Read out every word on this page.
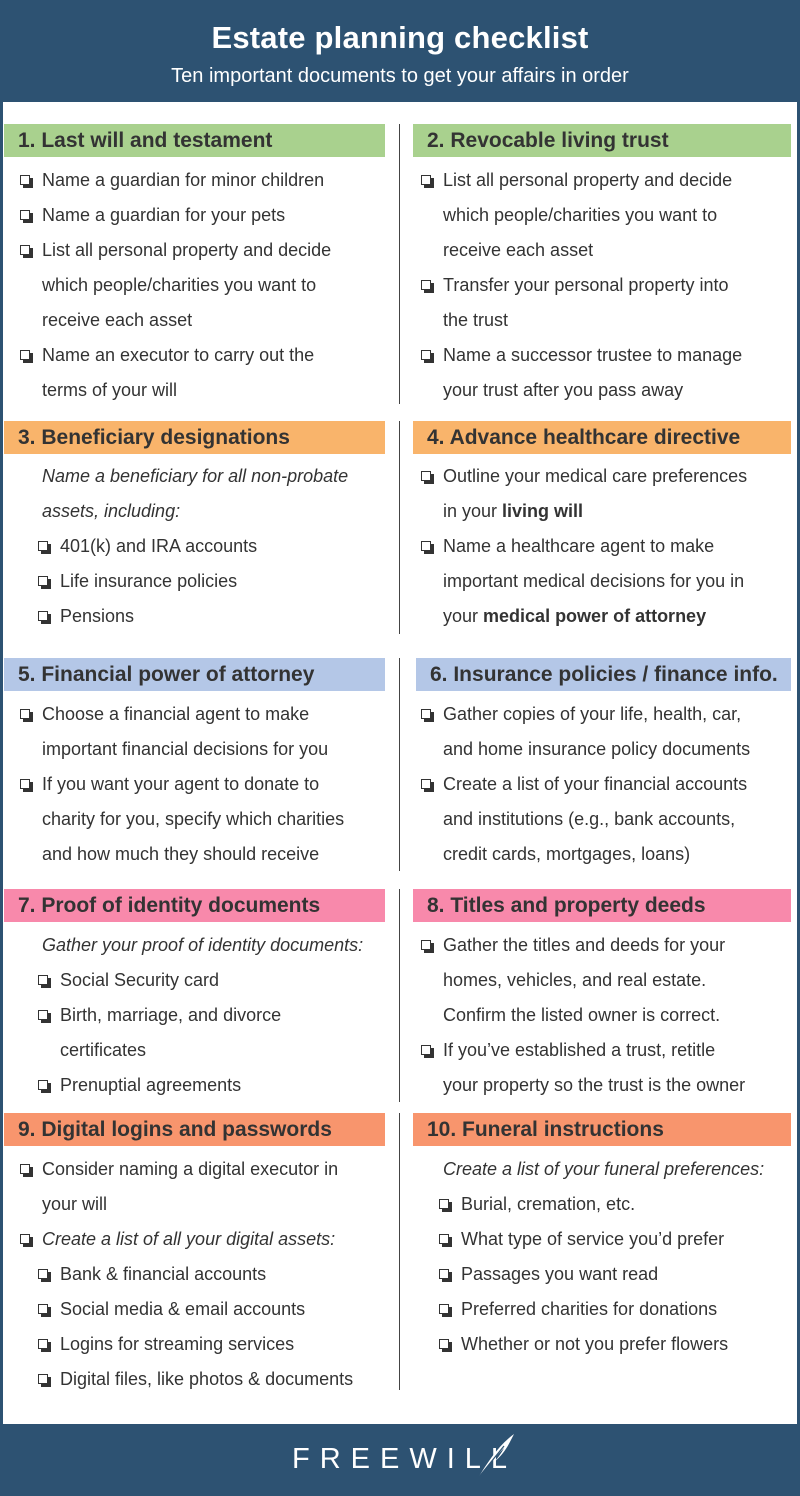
Estate planning checklist
Ten important documents to get your affairs in order
1. Last will and testament	2. Revocable living trust
3. Beneficiary designations	4. Advance healthcare directive
5. Financial power of attorney	6. Insurance policies / finance info.
7. Proof of identity documents	8. Titles and property deeds
9. Digital logins and passwords	10. Funeral instructions
Name a guardian for minor children
Name a guardian for your pets
List all personal property and decide
which people/charities you want to
receive each asset
Name an executor to carry out the
terms of your will
List all personal property and decide
which people/charities you want to
receive each asset
Transfer your personal property into
the trust
Name a successor trustee to manage
your trust after you pass away
Name a beneficiary for all non-probate
assets, including:
401(k) and IRA accounts
Life insurance policies
Pensions
Outline your medical care preferences
in your living will
Name a healthcare agent to make
important medical decisions for you in
your medical power of attorney
Choose a financial agent to make
important financial decisions for you
If you want your agent to donate to
charity for you, specify which charities
and how much they should receive
Gather copies of your life, health, car,
and home insurance policy documents
Create a list of your financial accounts
and institutions (e.g., bank accounts,
credit cards, mortgages, loans)
Gather your proof of identity documents:
Social Security card
Birth, marriage, and divorce
certificates
Prenuptial agreements
Gather the titles and deeds for your
homes, vehicles, and real estate.
Confirm the listed owner is correct.
If you’ve established a trust, retitle
your property so the trust is the owner
Consider naming a digital executor in
your will
Create a list of all your digital assets:
Bank & financial accounts
Social media & email accounts
Logins for streaming services
Digital files, like photos & documents
Create a list of your funeral preferences:
Burial, cremation, etc.
What type of service you’d prefer
Passages you want read
Preferred charities for donations
Whether or not you prefer flowers
FREEWILL
